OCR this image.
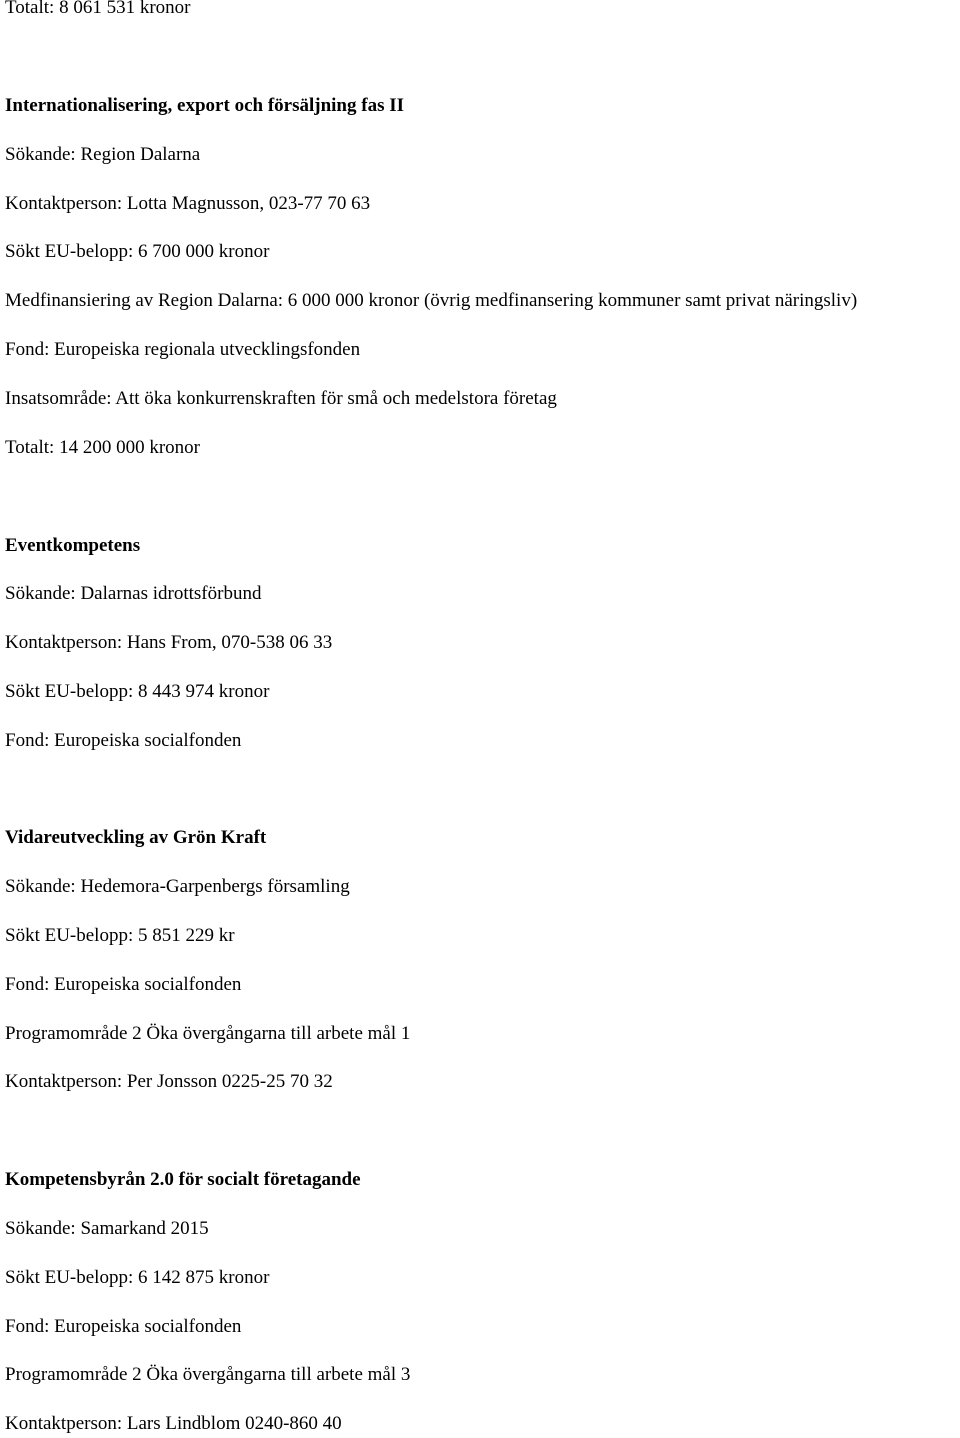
Totalt: 8 061 531 kronor
Internationalisering, export och försäljning fas II
Sökande: Region Dalarna
Kontaktperson: Lotta Magnusson, 023-77 70 63
Sökt EU-belopp: 6 700 000 kronor
Medfinansiering av Region Dalarna: 6 000 000 kronor (övrig medfinansering kommuner samt privat näringsliv)
Fond: Europeiska regionala utvecklingsfonden
Insatsområde: Att öka konkurrenskraften för små och medelstora företag
Totalt: 14 200 000 kronor
Eventkompetens
Sökande: Dalarnas idrottsförbund
Kontaktperson: Hans From, 070-538 06 33
Sökt EU-belopp: 8 443 974 kronor
Fond: Europeiska socialfonden
Vidareutveckling av Grön Kraft
Sökande: Hedemora-Garpenbergs församling
Sökt EU-belopp: 5 851 229 kr
Fond: Europeiska socialfonden
Programområde 2 Öka övergångarna till arbete mål 1
Kontaktperson: Per Jonsson 0225-25 70 32
Kompetensbyrån 2.0 för socialt företagande
Sökande: Samarkand 2015
Sökt EU-belopp: 6 142 875 kronor
Fond: Europeiska socialfonden
Programområde 2 Öka övergångarna till arbete mål 3
Kontaktperson: Lars Lindblom 0240-860 40
